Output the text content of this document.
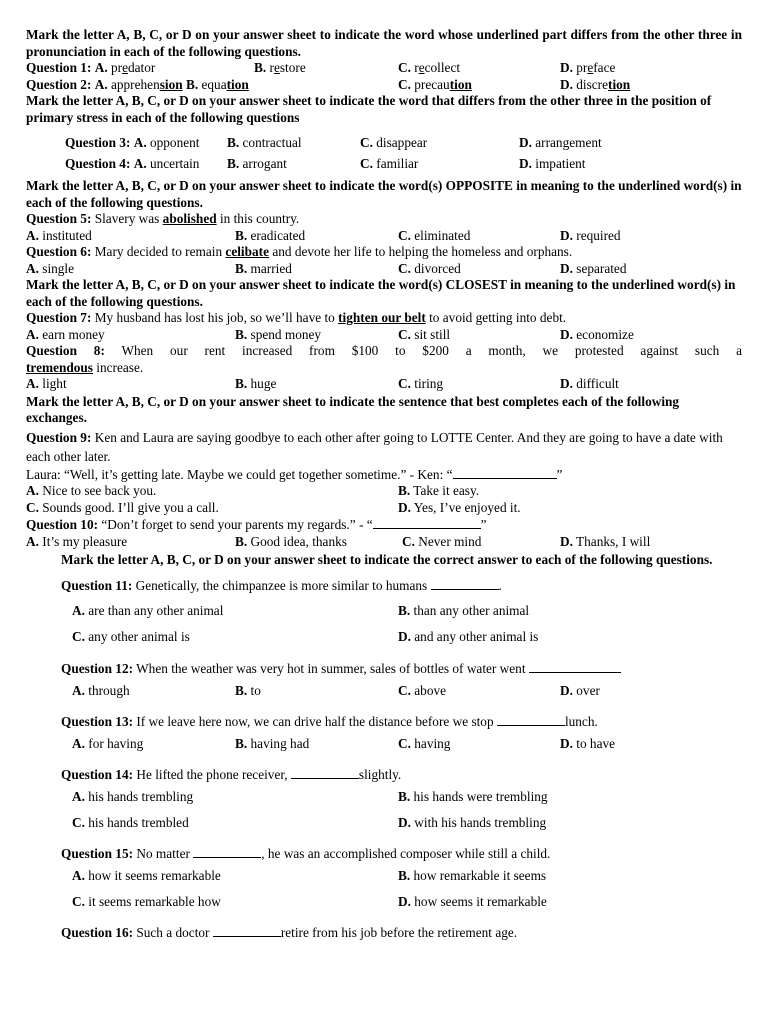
Mark the letter A, B, C, or D on your answer sheet to indicate the word whose underlined part differs from the other three in pronunciation in each of the following questions.

Question 1: A. predator	B. restore	C. recollect	D. preface
Question 2: A. apprehension B. equation	C. precaution	D. discretion

Mark the letter A, B, C, or D on your answer sheet to indicate the word that differs from the other three in the position of primary stress in each of the following questions

Question 3: A. opponent B. contractual	C. disappear	D. arrangement
Question 4: A. uncertain B. arrogant	C. familiar	D. impatient

Mark the letter A, B, C, or D on your answer sheet to indicate the word(s) OPPOSITE in meaning to the underlined word(s) in each of the following questions.

Question 5: Slavery was abolished in this country.

A. instituted	B. eradicated	C. eliminated	D. required

Question 6: Mary decided to remain celibate and devote her life to helping the homeless and orphans.

A. single	B. married	C. divorced	D. separated

Mark the letter A, B, C, or D on your answer sheet to indicate the word(s) CLOSEST in meaning to the underlined word(s) in each of the following questions.

Question 7: My husband has lost his job, so we’ll have to tighten our belt to avoid getting into debt.

A. earn money	B. spend money	C. sit still	D. economize

Question 8: When our rent increased from $100 to $200 a month, we protested against such a

tremendous increase.

A. light	B. huge	C. tiring	D. difficult

Mark the letter A, B, C, or D on your answer sheet to indicate the sentence that best completes each of the following exchanges.

Question 9: Ken and Laura are saying goodbye to each other after going to LOTTE Center. And they are going to have a date with each other later.

Laura: “Well, it’s getting late. Maybe we could get together sometime.” - Ken: “	”

A. Nice to see back you.	B. Take it easy.
C. Sounds good. I’ll give you a call.	D. Yes, I’ve enjoyed it.

Question 10: “Don’t forget to send your parents my regards.” - “	”

A. It’s my pleasure	B. Good idea, thanks	C. Never mind	D. Thanks, I will

Mark the letter A, B, C, or D on your answer sheet to indicate the correct answer to each of the following questions.

Question 11: Genetically, the chimpanzee is more similar to humans	.

A. are than any other animal	B. than any other animal
C. any other animal is	D. and any other animal is

Question 12: When the weather was very hot in summer, sales of bottles of water went

A. through	B. to	C. above	D. over

Question 13: If we leave here now, we can drive half the distance before we stop	lunch.

A. for having	B. having had	C. having	D. to have

Question 14: He lifted the phone receiver,	slightly.

A. his hands trembling	B. his hands were trembling
C. his hands trembled	D. with his hands trembling

Question 15: No matter	, he was an accomplished composer while still a child.

A. how it seems remarkable	B. how remarkable it seems
C. it seems remarkable how	D. how seems it remarkable

Question 16: Such a doctor	retire from his job before the retirement age.
